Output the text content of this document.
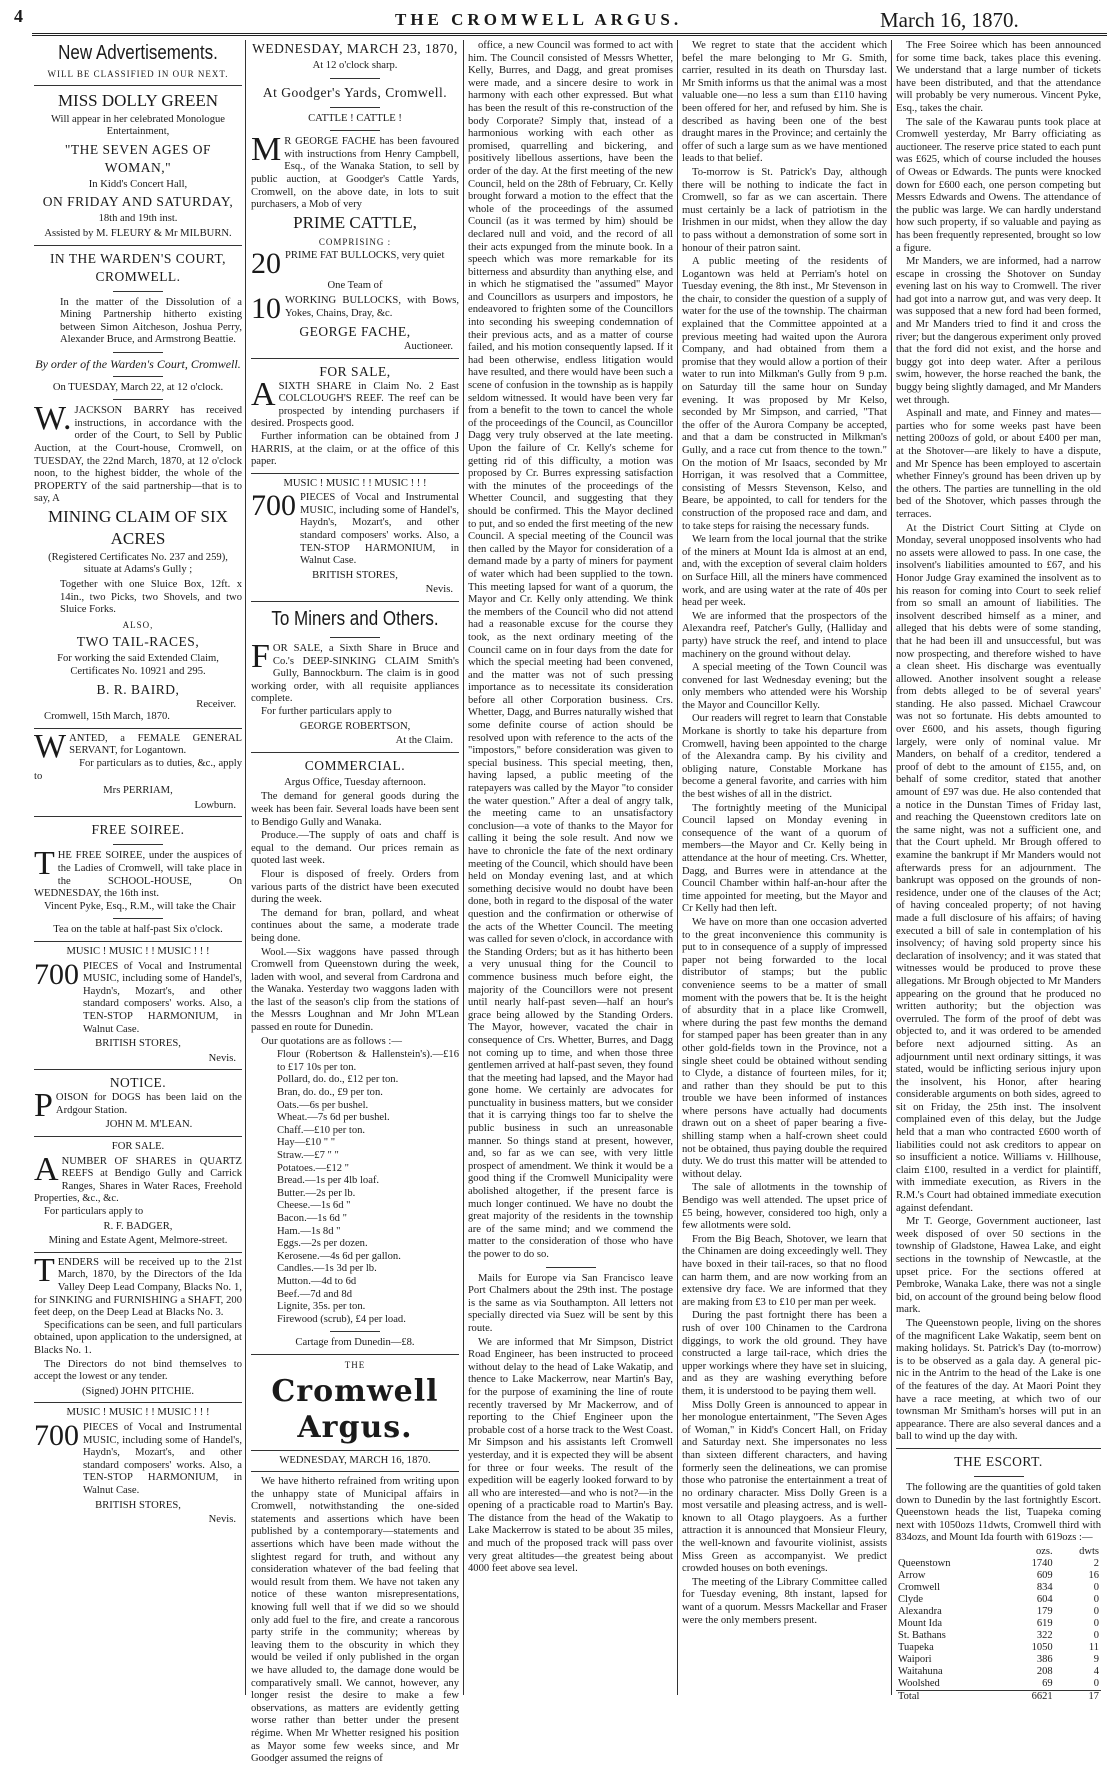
4	THE CROMWELL ARGUS.	March 16, 1870.
New Advertisements.
WILL BE CLASSIFIED IN OUR NEXT.
MISS DOLLY GREEN
Will appear in her celebrated Monologue Entertainment,
"THE SEVEN AGES OF WOMAN,"
In Kidd's Concert Hall,
ON FRIDAY AND SATURDAY,
18th and 19th inst.
Assisted by M. FLEURY & Mr MILBURN.
IN THE WARDEN'S COURT, CROMWELL.
In the matter of the Dissolution of a Mining Partnership hitherto existing between Simon Aitcheson, Joshua Perry, Alexander Bruce, and Armstrong Beattie.
By order of the Warden's Court, Cromwell.
On TUESDAY, March 22, at 12 o'clock.
W.JACKSON BARRY has received instructions, in accordance with the order of the Court, to Sell by Public Auction, at the Court-house, Cromwell, on TUESDAY, the 22nd March, 1870, at 12 o'clock noon, to the highest bidder, the whole of the PROPERTY of the said partnership—that is to say, A
MINING CLAIM OF SIX ACRES
(Registered Certificates No. 237 and 259), situate at Adams's Gully ;
Together with one Sluice Box, 12ft. x 14in., two Picks, two Shovels, and two Sluice Forks.
ALSO,
TWO TAIL-RACES,
For working the said Extended Claim, Certificates No. 10921 and 295.
B. R. BAIRD,
Receiver.
Cromwell, 15th March, 1870.
WANTED, a FEMALE GENERAL SERVANT, for Logantown.
For particulars as to duties, &c., apply to
Mrs PERRIAM,
Lowburn.
FREE SOIREE.
THE FREE SOIREE, under the auspices of the Ladies of Cromwell, will take place in the SCHOOL-HOUSE, On WEDNESDAY, the 16th inst.
Vincent Pyke, Esq., R.M., will take the Chair
Tea on the table at half-past Six o'clock.
MUSIC ! MUSIC ! ! MUSIC ! ! !
700 PIECES of Vocal and Instrumental MUSIC, including some of Handel's, Haydn's, Mozart's, and other standard composers' works. Also, a TEN-STOP HARMONIUM, in Walnut Case.
BRITISH STORES,
Nevis.
NOTICE.
POISON for DOGS has been laid on the Ardgour Station.
JOHN M. M'LEAN.
FOR SALE.
ANUMBER OF SHARES in QUARTZ REEFS at Bendigo Gully and Carrick Ranges, Shares in Water Races, Freehold Properties, &c., &c.
For particulars apply to
R. F. BADGER,
Mining and Estate Agent, Melmore-street.
TENDERS will be received up to the 21st March, 1870, by the Directors of the Ida Valley Deep Lead Company, Blacks No. 1, for SINKING and FURNISHING a SHAFT, 200 feet deep, on the Deep Lead at Blacks No. 3.
Specifications can be seen, and full particulars obtained, upon application to the undersigned, at Blacks No. 1.
The Directors do not bind themselves to accept the lowest or any tender.
(Signed) JOHN PITCHIE.
MUSIC ! MUSIC ! ! MUSIC ! ! !
700 PIECES of Vocal and Instrumental MUSIC, including some of Handel's, Haydn's, Mozart's, and other standard composers' works. Also, a TEN-STOP HARMONIUM, in Walnut Case.
BRITISH STORES,
Nevis.
WEDNESDAY, MARCH 23, 1870,
At 12 o'clock sharp.
At Goodger's Yards, Cromwell.
CATTLE ! CATTLE !
MR GEORGE FACHE has been favoured with instructions from Henry Campbell, Esq., of the Wanaka Station, to sell by public auction, at Goodger's Cattle Yards, Cromwell, on the above date, in lots to suit purchasers, a Mob of very
PRIME CATTLE,
COMPRISING :
20 PRIME FAT BULLOCKS, very quiet
One Team of
10 WORKING BULLOCKS, with Bows, Yokes, Chains, Dray, &c.
GEORGE FACHE,
Auctioneer.
FOR SALE,
ASIXTH SHARE in Claim No. 2 East COLCLOUGH'S REEF. The reef can be prospected by intending purchasers if desired. Prospects good.
Further information can be obtained from J HARRIS, at the claim, or at the office of this paper.
MUSIC ! MUSIC ! ! MUSIC ! ! !
700 PIECES of Vocal and Instrumental MUSIC, including some of Handel's, Haydn's, Mozart's, and other standard composers' works. Also, a TEN-STOP HARMONIUM, in Walnut Case.
BRITISH STORES,
Nevis.
To Miners and Others.
FOR SALE, a Sixth Share in Bruce and Co.'s DEEP-SINKING CLAIM Smith's Gully, Bannockburn. The claim is in good working order, with all requisite appliances complete.
For further particulars apply to
GEORGE ROBERTSON,
At the Claim.
COMMERCIAL.
Argus Office, Tuesday afternoon.
The demand for general goods during the week has been fair. Several loads have been sent to Bendigo Gully and Wanaka.
Produce.—The supply of oats and chaff is equal to the demand. Our prices remain as quoted last week.
Flour is disposed of freely. Orders from various parts of the district have been executed during the week.
The demand for bran, pollard, and wheat continues about the same, a moderate trade being done.
Wool.—Six waggons have passed through Cromwell from Queenstown during the week, laden with wool, and several from Cardrona and the Wanaka. Yesterday two waggons laden with the last of the season's clip from the stations of the Messrs Loughnan and Mr John M'Lean passed en route for Dunedin.
Our quotations are as follows :—
Flour (Robertson & Hallenstein's).—£16 to £17 10s per ton.
Pollard, do. do., £12 per ton.
Bran, do. do., £9 per ton.
Oats.—6s per bushel.
Wheat.—7s 6d per bushel.
Chaff.—£10 per ton.
Hay—£10 " "
Straw.—£7 " "
Potatoes.—£12 "
Bread.—1s per 4lb loaf.
Butter.—2s per lb.
Cheese.—1s 6d "
Bacon.—1s 6d "
Ham.—1s 8d "
Eggs.—2s per dozen.
Kerosene.—4s 6d per gallon.
Candles.—1s 3d per lb.
Mutton.—4d to 6d
Beef.—7d and 8d
Lignite, 35s. per ton.
Firewood (scrub), £4 per load.
Cartage from Dunedin—£8.
THE
Cromwell Argus.
WEDNESDAY, MARCH 16, 1870.
We have hitherto refrained from writing upon the unhappy state of Municipal affairs in Cromwell, notwithstanding the one-sided statements and assertions which have been published by a contemporary—statements and assertions which have been made without the slightest regard for truth, and without any consideration whatever of the bad feeling that would result from them. We have not taken any notice of these wanton misrepresentations, knowing full well that if we did so we should only add fuel to the fire, and create a rancorous party strife in the community; whereas by leaving them to the obscurity in which they would be veiled if only published in the organ we have alluded to, the damage done would be comparatively small. We cannot, however, any longer resist the desire to make a few observations, as matters are evidently getting worse rather than better under the present régime. When Mr Whetter resigned his position as Mayor some few weeks since, and Mr Goodger assumed the reigns of
office, a new Council was formed to act with him. The Council consisted of Messrs Whetter, Kelly, Burres, and Dagg, and great promises were made, and a sincere desire to work in harmony with each other expressed. But what has been the result of this re-construction of the body Corporate? Simply that, instead of a harmonious working with each other as promised, quarrelling and bickering, and positively libellous assertions, have been the order of the day. At the first meeting of the new Council, held on the 28th of February, Cr. Kelly brought forward a motion to the effect that the whole of the proceedings of the assumed Council (as it was termed by him) should be declared null and void, and the record of all their acts expunged from the minute book. In a speech which was more remarkable for its bitterness and absurdity than anything else, and in which he stigmatised the "assumed" Mayor and Councillors as usurpers and impostors, he endeavored to frighten some of the Councillors into seconding his sweeping condemnation of their previous acts, and as a matter of course failed, and his motion consequently lapsed. If it had been otherwise, endless litigation would have resulted, and there would have been such a scene of confusion in the township as is happily seldom witnessed. It would have been very far from a benefit to the town to cancel the whole of the proceedings of the Council, as Councillor Dagg very truly observed at the late meeting. Upon the failure of Cr. Kelly's scheme for getting rid of this difficulty, a motion was proposed by Cr. Burres expressing satisfaction with the minutes of the proceedings of the Whetter Council, and suggesting that they should be confirmed. This the Mayor declined to put, and so ended the first meeting of the new Council. A special meeting of the Council was then called by the Mayor for consideration of a demand made by a party of miners for payment of water which had been supplied to the town. This meeting lapsed for want of a quorum, the Mayor and Cr. Kelly only attending. We think the members of the Council who did not attend had a reasonable excuse for the course they took, as the next ordinary meeting of the Council came on in four days from the date for which the special meeting had been convened, and the matter was not of such pressing importance as to necessitate its consideration before all other Corporation business. Crs. Whetter, Dagg, and Burres naturally wished that some definite course of action should be resolved upon with reference to the acts of the "impostors," before consideration was given to special business. This special meeting, then, having lapsed, a public meeting of the ratepayers was called by the Mayor "to consider the water question." After a deal of angry talk, the meeting came to an unsatisfactory conclusion—a vote of thanks to the Mayor for calling it being the sole result. And now we have to chronicle the fate of the next ordinary meeting of the Council, which should have been held on Monday evening last, and at which something decisive would no doubt have been done, both in regard to the disposal of the water question and the confirmation or otherwise of the acts of the Whetter Council. The meeting was called for seven o'clock, in accordance with the Standing Orders; but as it has hitherto been a very unusual thing for the Council to commence business much before eight, the majority of the Councillors were not present until nearly half-past seven—half an hour's grace being allowed by the Standing Orders. The Mayor, however, vacated the chair in consequence of Crs. Whetter, Burres, and Dagg not coming up to time, and when those three gentlemen arrived at half-past seven, they found that the meeting had lapsed, and the Mayor had gone home. We certainly are advocates for punctuality in business matters, but we consider that it is carrying things too far to shelve the public business in such an unreasonable manner. So things stand at present, however, and, so far as we can see, with very little prospect of amendment. We think it would be a good thing if the Cromwell Municipality were abolished altogether, if the present farce is much longer continued. We have no doubt the great majority of the residents in the township are of the same mind; and we commend the matter to the consideration of those who have the power to do so.
Mails for Europe via San Francisco leave Port Chalmers about the 29th inst. The postage is the same as via Southampton. All letters not specially directed via Suez will be sent by this route.
We are informed that Mr Simpson, District Road Engineer, has been instructed to proceed without delay to the head of Lake Wakatip, and thence to Lake Mackerrow, near Martin's Bay, for the purpose of examining the line of route recently traversed by Mr Mackerrow, and of reporting to the Chief Engineer upon the probable cost of a horse track to the West Coast. Mr Simpson and his assistants left Cromwell yesterday, and it is expected they will be absent for three or four weeks. The result of the expedition will be eagerly looked forward to by all who are interested—and who is not?—in the opening of a practicable road to Martin's Bay. The distance from the head of the Wakatip to Lake Mackerrow is stated to be about 35 miles, and much of the proposed track will pass over very great altitudes—the greatest being about 4000 feet above sea level.
We regret to state that the accident which befel the mare belonging to Mr G. Smith, carrier, resulted in its death on Thursday last. Mr Smith informs us that the animal was a most valuable one—no less a sum than £110 having been offered for her, and refused by him. She is described as having been one of the best draught mares in the Province; and certainly the offer of such a large sum as we have mentioned leads to that belief.
To-morrow is St. Patrick's Day, although there will be nothing to indicate the fact in Cromwell, so far as we can ascertain. There must certainly be a lack of patriotism in the Irishmen in our midst, when they allow the day to pass without a demonstration of some sort in honour of their patron saint.
A public meeting of the residents of Logantown was held at Perriam's hotel on Tuesday evening, the 8th inst., Mr Stevenson in the chair, to consider the question of a supply of water for the use of the township. The chairman explained that the Committee appointed at a previous meeting had waited upon the Aurora Company, and had obtained from them a promise that they would allow a portion of their water to run into Milkman's Gully from 9 p.m. on Saturday till the same hour on Sunday evening. It was proposed by Mr Kelso, seconded by Mr Simpson, and carried, "That the offer of the Aurora Company be accepted, and that a dam be constructed in Milkman's Gully, and a race cut from thence to the town." On the motion of Mr Isaacs, seconded by Mr Horrigan, it was resolved that a Committee, consisting of Messrs Stevenson, Kelso, and Beare, be appointed, to call for tenders for the construction of the proposed race and dam, and to take steps for raising the necessary funds.
We learn from the local journal that the strike of the miners at Mount Ida is almost at an end, and, with the exception of several claim holders on Surface Hill, all the miners have commenced work, and are using water at the rate of 40s per head per week.
We are informed that the prospectors of the Alexandra reef, Patcher's Gully, (Halliday and party) have struck the reef, and intend to place machinery on the ground without delay.
A special meeting of the Town Council was convened for last Wednesday evening; but the only members who attended were his Worship the Mayor and Councillor Kelly.
Our readers will regret to learn that Constable Morkane is shortly to take his departure from Cromwell, having been appointed to the charge of the Alexandra camp. By his civility and obliging nature, Constable Morkane has become a general favorite, and carries with him the best wishes of all in the district.
The fortnightly meeting of the Municipal Council lapsed on Monday evening in consequence of the want of a quorum of members—the Mayor and Cr. Kelly being in attendance at the hour of meeting. Crs. Whetter, Dagg, and Burres were in attendance at the Council Chamber within half-an-hour after the time appointed for meeting, but the Mayor and Cr Kelly had then left.
We have on more than one occasion adverted to the great inconvenience this community is put to in consequence of a supply of impressed paper not being forwarded to the local distributor of stamps; but the public convenience seems to be a matter of small moment with the powers that be. It is the height of absurdity that in a place like Cromwell, where during the past few months the demand for stamped paper has been greater than in any other gold-fields town in the Province, not a single sheet could be obtained without sending to Clyde, a distance of fourteen miles, for it; and rather than they should be put to this trouble we have been informed of instances where persons have actually had documents drawn out on a sheet of paper bearing a five-shilling stamp when a half-crown sheet could not be obtained, thus paying double the required duty. We do trust this matter will be attended to without delay.
The sale of allotments in the township of Bendigo was well attended. The upset price of £5 being, however, considered too high, only a few allotments were sold.
From the Big Beach, Shotover, we learn that the Chinamen are doing exceedingly well. They have boxed in their tail-races, so that no flood can harm them, and are now working from an extensive dry face. We are informed that they are making from £3 to £10 per man per week.
During the past fortnight there has been a rush of over 100 Chinamen to the Cardrona diggings, to work the old ground. They have constructed a large tail-race, which dries the upper workings where they have set in sluicing, and as they are washing everything before them, it is understood to be paying them well.
Miss Dolly Green is announced to appear in her monologue entertainment, "The Seven Ages of Woman," in Kidd's Concert Hall, on Friday and Saturday next. She impersonates no less than sixteen different characters, and having formerly seen the delineations, we can promise those who patronise the entertainment a treat of no ordinary character. Miss Dolly Green is a most versatile and pleasing actress, and is well-known to all Otago playgoers. As a further attraction it is announced that Monsieur Fleury, the well-known and favourite violinist, assists Miss Green as accompanyist. We predict crowded houses on both evenings.
The meeting of the Library Committee called for Tuesday evening, 8th instant, lapsed for want of a quorum. Messrs Mackellar and Fraser were the only members present.
The Free Soiree which has been announced for some time back, takes place this evening. We understand that a large number of tickets have been distributed, and that the attendance will probably be very numerous. Vincent Pyke, Esq., takes the chair.
The sale of the Kawarau punts took place at Cromwell yesterday, Mr Barry officiating as auctioneer. The reserve price stated to each punt was £625, which of course included the houses of Oweas or Edwards. The punts were knocked down for £600 each, one person competing but Messrs Edwards and Owens. The attendance of the public was large. We can hardly understand how such property, if so valuable and paying as has been frequently represented, brought so low a figure.
Mr Manders, we are informed, had a narrow escape in crossing the Shotover on Sunday evening last on his way to Cromwell. The river had got into a narrow gut, and was very deep. It was supposed that a new ford had been formed, and Mr Manders tried to find it and cross the river; but the dangerous experiment only proved that the ford did not exist, and the horse and buggy got into deep water. After a perilous swim, however, the horse reached the bank, the buggy being slightly damaged, and Mr Manders wet through.
Aspinall and mate, and Finney and mates—parties who for some weeks past have been netting 200ozs of gold, or about £400 per man, at the Shotover—are likely to have a dispute, and Mr Spence has been employed to ascertain whether Finney's ground has been driven up by the others. The parties are tunnelling in the old bed of the Shotover, which passes through the terraces.
At the District Court Sitting at Clyde on Monday, several unopposed insolvents who had no assets were allowed to pass. In one case, the insolvent's liabilities amounted to £67, and his Honor Judge Gray examined the insolvent as to his reason for coming into Court to seek relief from so small an amount of liabilities. The insolvent described himself as a miner, and alleged that his debts were of some standing, that he had been ill and unsuccessful, but was now prospecting, and therefore wished to have a clean sheet. His discharge was eventually allowed. Another insolvent sought a release from debts alleged to be of several years' standing. He also passed. Michael Crawcour was not so fortunate. His debts amounted to over £600, and his assets, though figuring largely, were only of nominal value. Mr Manders, on behalf of a creditor, tendered a proof of debt to the amount of £155, and, on behalf of some creditor, stated that another amount of £97 was due. He also contended that a notice in the Dunstan Times of Friday last, and reaching the Queenstown creditors late on the same night, was not a sufficient one, and that the Court upheld. Mr Brough offered to examine the bankrupt if Mr Manders would not afterwards press for an adjournment. The bankrupt was opposed on the grounds of non-residence, under one of the clauses of the Act; of having concealed property; of not having made a full disclosure of his affairs; of having executed a bill of sale in contemplation of his insolvency; of having sold property since his declaration of insolvency; and it was stated that witnesses would be produced to prove these allegations. Mr Brough objected to Mr Manders appearing on the ground that he produced no written authority; but the objection was overruled. The form of the proof of debt was objected to, and it was ordered to be amended before next adjourned sitting. As an adjournment until next ordinary sittings, it was stated, would be inflicting serious injury upon the insolvent, his Honor, after hearing considerable arguments on both sides, agreed to sit on Friday, the 25th inst. The insolvent complained even of this delay, but the Judge held that a man who contracted £600 worth of liabilities could not ask creditors to appear on so insufficient a notice. Williams v. Hillhouse, claim £100, resulted in a verdict for plaintiff, with immediate execution, as Rivers in the R.M.'s Court had obtained immediate execution against defendant.
Mr T. George, Government auctioneer, last week disposed of over 50 sections in the township of Gladstone, Hawea Lake, and eight sections in the township of Newcastle, at the upset price. For the sections offered at Pembroke, Wanaka Lake, there was not a single bid, on account of the ground being below flood mark.
The Queenstown people, living on the shores of the magnificent Lake Wakatip, seem bent on making holidays. St. Patrick's Day (to-morrow) is to be observed as a gala day. A general pic-nic in the Antrim to the head of the Lake is one of the features of the day. At Maori Point they have a race meeting, at which two of our townsman Mr Smitham's horses will put in an appearance. There are also several dances and a ball to wind up the day with.
THE ESCORT.
The following are the quantities of gold taken down to Dunedin by the last fortnightly Escort. Queenstown heads the list, Tuapeka coming next with 1050ozs 11dwts, Cromwell third with 834ozs, and Mount Ida fourth with 619ozs :—
	ozs.	dwts
Queenstown	1740	2
Arrow	609	16
Cromwell	834	0
Clyde	604	0
Alexandra	179	0
Mount Ida	619	0
St. Bathans	322	0
Tuapeka	1050	11
Waipori	386	9
Waitahuna	208	4
Woolshed	69	0
Total	6621	17
